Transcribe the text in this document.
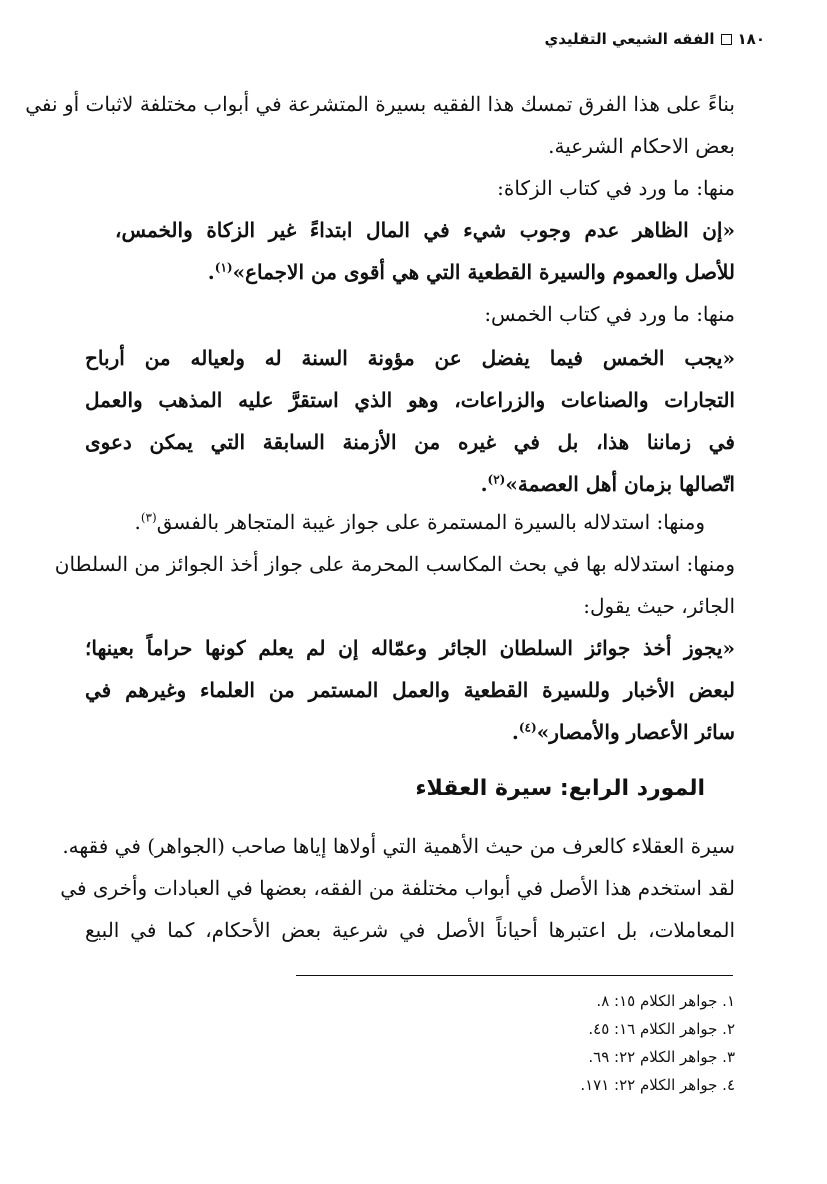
١٨٠الفقه الشيعي التقليدي
بناءً على هذا الفرق تمسك هذا الفقيه بسيرة المتشرعة في أبواب مختلفة لاثبات أو نفي
بعض الاحكام الشرعية.
منها: ما ورد في كتاب الزكاة:
«إن الظاهر عدم وجوب شيء في المال ابتداءً غير الزكاة والخمس،
للأصل والعموم والسيرة القطعية التي هي أقوى من الاجماع»$^{(١)}$.
منها: ما ورد في كتاب الخمس:
«يجب الخمس فيما يفضل عن مؤونة السنة له ولعياله من أرباح
التجارات والصناعات والزراعات، وهو الذي استقرَّ عليه المذهب والعمل
في زماننا هذا، بل في غيره من الأزمنة السابقة التي يمكن دعوى
اتّصالها بزمان أهل العصمة»$^{(٢)}$.
ومنها: استدلاله بالسيرة المستمرة على جواز غيبة المتجاهر بالفسق$^{(٣)}$.
ومنها: استدلاله بها في بحث المكاسب المحرمة على جواز أخذ الجوائز من السلطان
الجائر، حيث يقول:
«يجوز أخذ جوائز السلطان الجائر وعمّاله إن لم يعلم كونها حراماً بعينها؛
لبعض الأخبار وللسيرة القطعية والعمل المستمر من العلماء وغيرهم في
سائر الأعصار والأمصار»$^{(٤)}$.
المورد الرابع: سيرة العقلاء
سيرة العقلاء كالعرف من حيث الأهمية التي أولاها إياها صاحب (الجواهر) في فقهه.
لقد استخدم هذا الأصل في أبواب مختلفة من الفقه، بعضها في العبادات وأخرى في
المعاملات، بل اعتبرها أحياناً الأصل في شرعية بعض الأحكام، كما في البيع
١. جواهر الكلام ١٥: ٨.
٢. جواهر الكلام ١٦: ٤٥.
٣. جواهر الكلام ٢٢: ٦٩.
٤. جواهر الكلام ٢٢: ١٧١.
